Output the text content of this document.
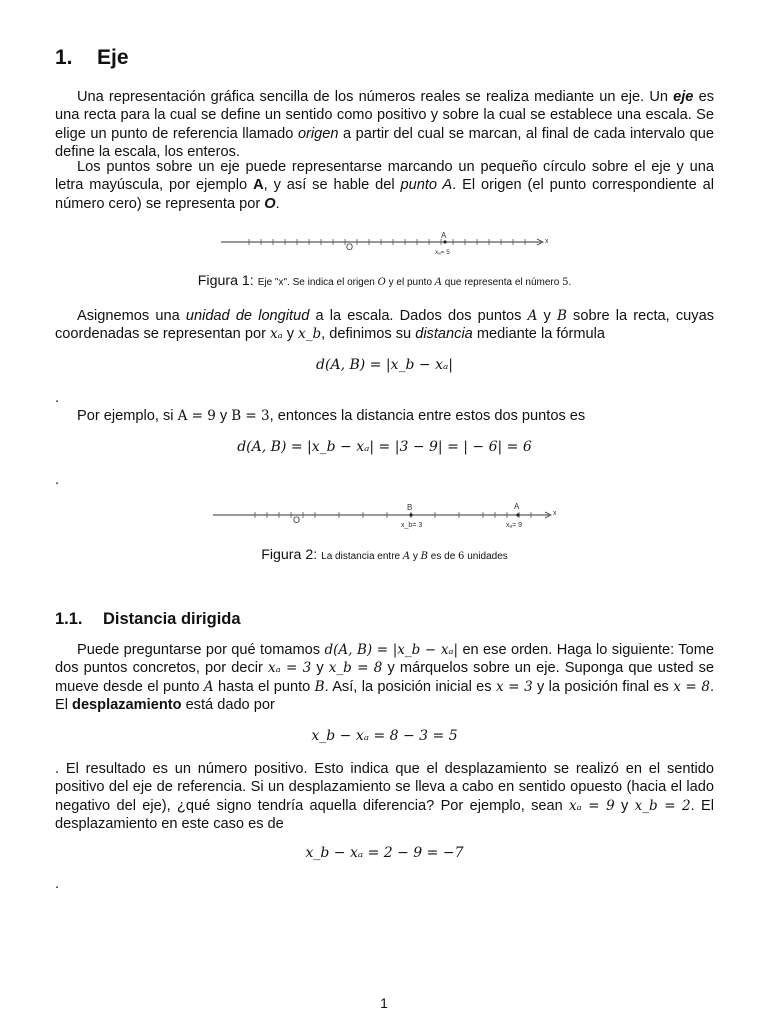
1. Eje

Una representación gráfica sencilla de los números reales se realiza mediante un eje. Un eje es una recta para la cual se define un sentido como positivo y sobre la cual se establece una escala. Se elige un punto de referencia llamado origen a partir del cual se marcan, al final de cada intervalo que define la escala, los enteros.

Los puntos sobre un eje puede representarse marcando un pequeño círculo sobre el eje y una letra mayúscula, por ejemplo A, y así se hable del punto A. El origen (el punto correspondiente al número cero) se representa por O.

O
A
xₐ= 5
x
Figura 1: Eje "x". Se indica el origen O y el punto A que representa el número 5.

Asignemos una unidad de longitud a la escala. Dados dos puntos A y B sobre la recta, cuyas coordenadas se representan por xₐ y x_b, definimos su distancia mediante la fórmula

d(A, B) = |x_b − xₐ|
.

Por ejemplo, si A = 9 y B = 3, entonces la distancia entre estos dos puntos es

d(A, B) = |x_b − xₐ| = |3 − 9| = | − 6| = 6
.
O
B
x_b= 3
A
xₐ= 9
x
Figura 2: La distancia entre A y B es de 6 unidades
1.1. Distancia dirigida

Puede preguntarse por qué tomamos d(A, B) = |x_b − xₐ| en ese orden. Haga lo siguiente: Tome dos puntos concretos, por decir xₐ = 3 y x_b = 8 y márquelos sobre un eje. Suponga que usted se mueve desde el punto A hasta el punto B. Así, la posición inicial es x = 3 y la posición final es x = 8. El desplazamiento está dado por

x_b − xₐ = 8 − 3 = 5

. El resultado es un número positivo. Esto indica que el desplazamiento se realizó en el sentido positivo del eje de referencia. Si un desplazamiento se lleva a cabo en sentido opuesto (hacia el lado negativo del eje), ¿qué signo tendría aquella diferencia? Por ejemplo, sean xₐ = 9 y x_b = 2. El desplazamiento en este caso es de

x_b − xₐ = 2 − 9 = −7
.
1
